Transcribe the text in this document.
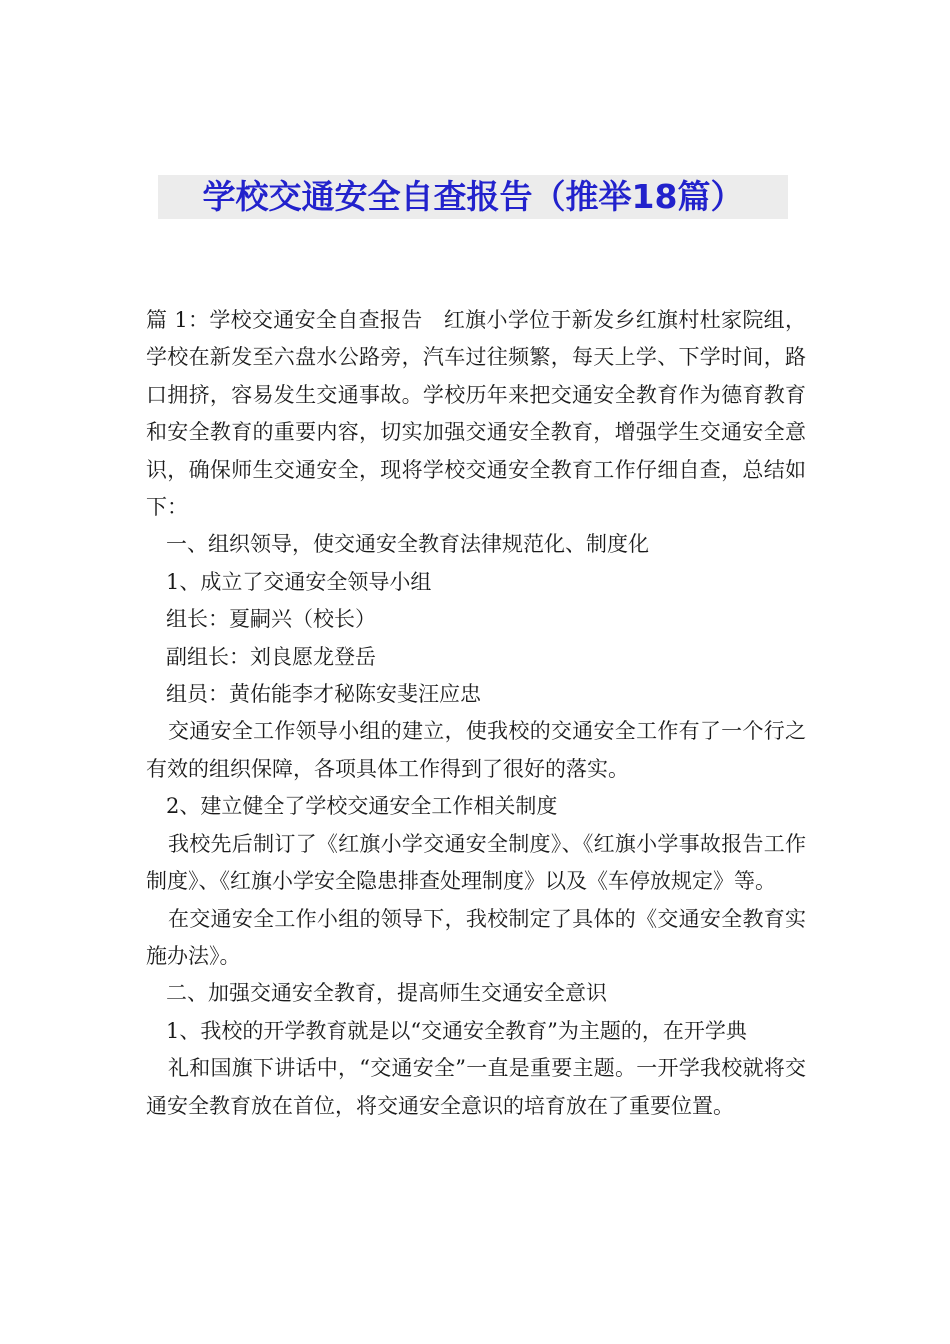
学校交通安全自查报告（推举18篇）

篇 1：学校交通安全自查报告　红旗小学位于新发乡红旗村杜家院组，学校在新发至六盘水公路旁，汽车过往频繁，每天上学、下学时间，路口拥挤，容易发生交通事故。学校历年来把交通安全教育作为德育教育和安全教育的重要内容，切实加强交通安全教育，增强学生交通安全意识，确保师生交通安全，现将学校交通安全教育工作仔细自查，总结如下：

一、组织领导，使交通安全教育法律规范化、制度化

1、成立了交通安全领导小组

组长：夏嗣兴（校长）

副组长：刘良愿龙登岳

组员：黄佑能李才秘陈安斐汪应忠

交通安全工作领导小组的建立，使我校的交通安全工作有了一个行之有效的组织保障，各项具体工作得到了很好的落实。

2、建立健全了学校交通安全工作相关制度

我校先后制订了《红旗小学交通安全制度》、《红旗小学事故报告工作制度》、《红旗小学安全隐患排查处理制度》以及《车停放规定》等。

在交通安全工作小组的领导下，我校制定了具体的《交通安全教育实施办法》。

二、加强交通安全教育，提高师生交通安全意识

1、我校的开学教育就是以“交通安全教育”为主题的，在开学典

礼和国旗下讲话中，“交通安全”一直是重要主题。一开学我校就将交通安全教育放在首位，将交通安全意识的培育放在了重要位置。
